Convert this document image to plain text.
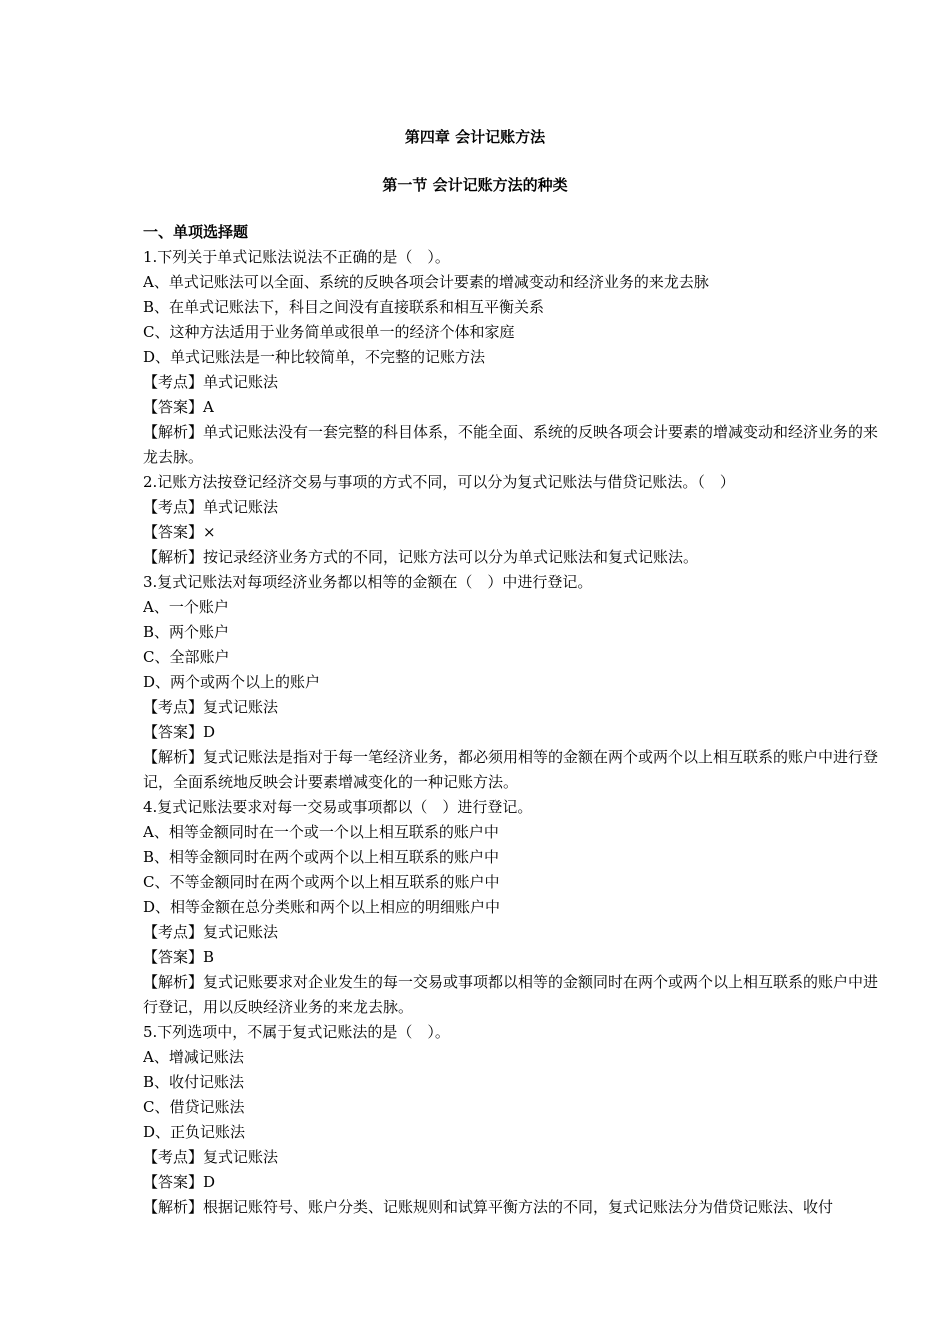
第四章 会计记账方法
第一节 会计记账方法的种类
一、单项选择题
1.下列关于单式记账法说法不正确的是（　）。
A、单式记账法可以全面、系统的反映各项会计要素的增减变动和经济业务的来龙去脉
B、在单式记账法下，科目之间没有直接联系和相互平衡关系
C、这种方法适用于业务简单或很单一的经济个体和家庭
D、单式记账法是一种比较简单，不完整的记账方法
【考点】单式记账法
【答案】A
【解析】单式记账法没有一套完整的科目体系，不能全面、系统的反映各项会计要素的增减变动和经济业务的来龙去脉。
2.记账方法按登记经济交易与事项的方式不同，可以分为复式记账法与借贷记账法。（　）
【考点】单式记账法
【答案】×
【解析】按记录经济业务方式的不同，记账方法可以分为单式记账法和复式记账法。
3.复式记账法对每项经济业务都以相等的金额在（　）中进行登记。
A、一个账户
B、两个账户
C、全部账户
D、两个或两个以上的账户
【考点】复式记账法
【答案】D
【解析】复式记账法是指对于每一笔经济业务，都必须用相等的金额在两个或两个以上相互联系的账户中进行登记，全面系统地反映会计要素增减变化的一种记账方法。
4.复式记账法要求对每一交易或事项都以（　）进行登记。
A、相等金额同时在一个或一个以上相互联系的账户中
B、相等金额同时在两个或两个以上相互联系的账户中
C、不等金额同时在两个或两个以上相互联系的账户中
D、相等金额在总分类账和两个以上相应的明细账户中
【考点】复式记账法
【答案】B
【解析】复式记账要求对企业发生的每一交易或事项都以相等的金额同时在两个或两个以上相互联系的账户中进行登记，用以反映经济业务的来龙去脉。
5.下列选项中，不属于复式记账法的是（　）。
A、增减记账法
B、收付记账法
C、借贷记账法
D、正负记账法
【考点】复式记账法
【答案】D
【解析】根据记账符号、账户分类、记账规则和试算平衡方法的不同，复式记账法分为借贷记账法、收付
